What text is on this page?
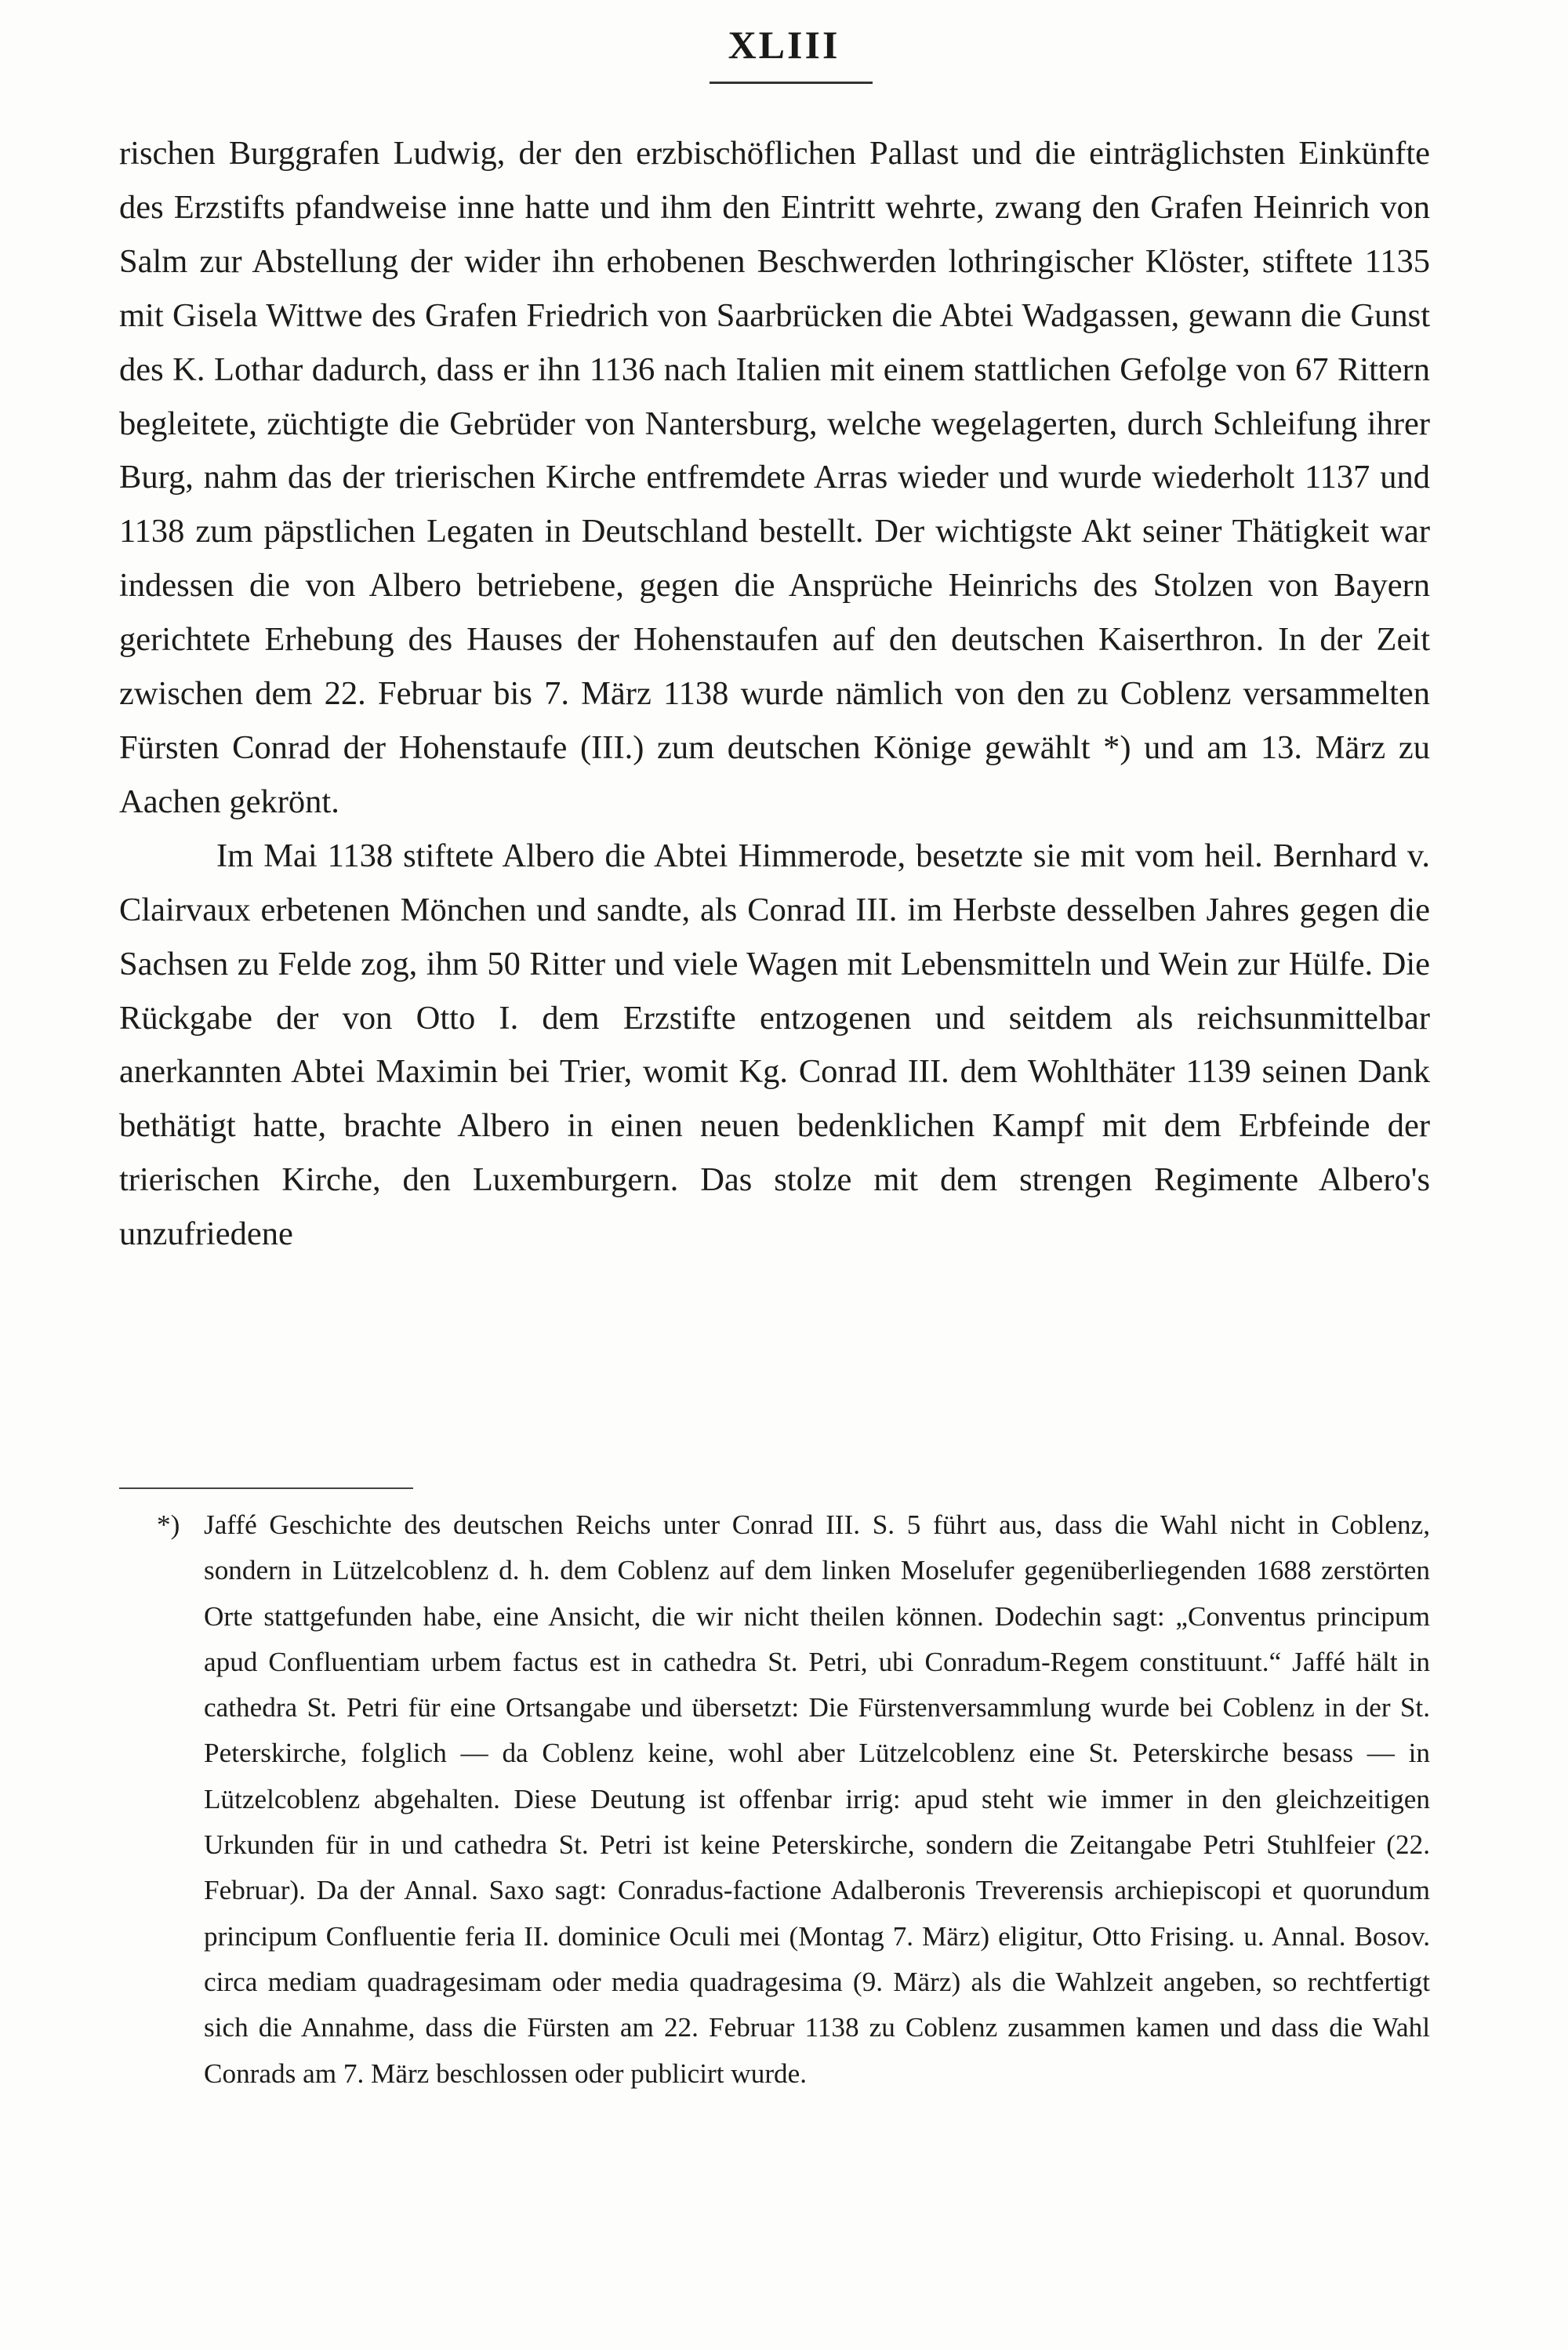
XLIII

rischen Burggrafen Ludwig, der den erzbischöflichen Pallast und die einträglichsten Einkünfte des Erzstifts pfandweise inne hatte und ihm den Eintritt wehrte, zwang den Grafen Heinrich von Salm zur Abstellung der wider ihn erhobenen Beschwerden lothringischer Klöster, stiftete 1135 mit Gisela Wittwe des Grafen Friedrich von Saarbrücken die Abtei Wadgassen, gewann die Gunst des K. Lothar dadurch, dass er ihn 1136 nach Italien mit einem stattlichen Gefolge von 67 Rittern begleitete, züchtigte die Gebrüder von Nantersburg, welche wegelagerten, durch Schleifung ihrer Burg, nahm das der trierischen Kirche entfremdete Arras wieder und wurde wiederholt 1137 und 1138 zum päpstlichen Legaten in Deutschland bestellt. Der wichtigste Akt seiner Thätigkeit war indessen die von Albero betriebene, gegen die Ansprüche Heinrichs des Stolzen von Bayern gerichtete Erhebung des Hauses der Hohenstaufen auf den deutschen Kaiserthron. In der Zeit zwischen dem 22. Februar bis 7. März 1138 wurde nämlich von den zu Coblenz versammelten Fürsten Conrad der Hohenstaufe (III.) zum deutschen Könige gewählt *) und am 13. März zu Aachen gekrönt.

Im Mai 1138 stiftete Albero die Abtei Himmerode, besetzte sie mit vom heil. Bernhard v. Clairvaux erbetenen Mönchen und sandte, als Conrad III. im Herbste desselben Jahres gegen die Sachsen zu Felde zog, ihm 50 Ritter und viele Wagen mit Lebensmitteln und Wein zur Hülfe. Die Rückgabe der von Otto I. dem Erzstifte entzogenen und seitdem als reichsunmittelbar anerkannten Abtei Maximin bei Trier, womit Kg. Conrad III. dem Wohlthäter 1139 seinen Dank bethätigt hatte, brachte Albero in einen neuen bedenklichen Kampf mit dem Erbfeinde der trierischen Kirche, den Luxemburgern. Das stolze mit dem strengen Regimente Albero's unzufriedene

*) Jaffé Geschichte des deutschen Reichs unter Conrad III. S. 5 führt aus, dass die Wahl nicht in Coblenz, sondern in Lützelcoblenz d. h. dem Coblenz auf dem linken Moselufer gegenüberliegenden 1688 zerstörten Orte stattgefunden habe, eine Ansicht, die wir nicht theilen können. Dodechin sagt: „Conventus principum apud Confluentiam urbem factus est in cathedra St. Petri, ubi Conradum-Regem constituunt.“ Jaffé hält in cathedra St. Petri für eine Ortsangabe und übersetzt: Die Fürstenversammlung wurde bei Coblenz in der St. Peterskirche, folglich — da Coblenz keine, wohl aber Lützelcoblenz eine St. Peterskirche besass — in Lützelcoblenz abgehalten. Diese Deutung ist offenbar irrig: apud steht wie immer in den gleichzeitigen Urkunden für in und cathedra St. Petri ist keine Peterskirche, sondern die Zeitangabe Petri Stuhlfeier (22. Februar). Da der Annal. Saxo sagt: Conradus-factione Adalberonis Treverensis archiepiscopi et quorundum principum Confluentie feria II. dominice Oculi mei (Montag 7. März) eligitur, Otto Frising. u. Annal. Bosov. circa mediam quadragesimam oder media quadragesima (9. März) als die Wahlzeit angeben, so rechtfertigt sich die Annahme, dass die Fürsten am 22. Februar 1138 zu Coblenz zusammen kamen und dass die Wahl Conrads am 7. März beschlossen oder publicirt wurde.
